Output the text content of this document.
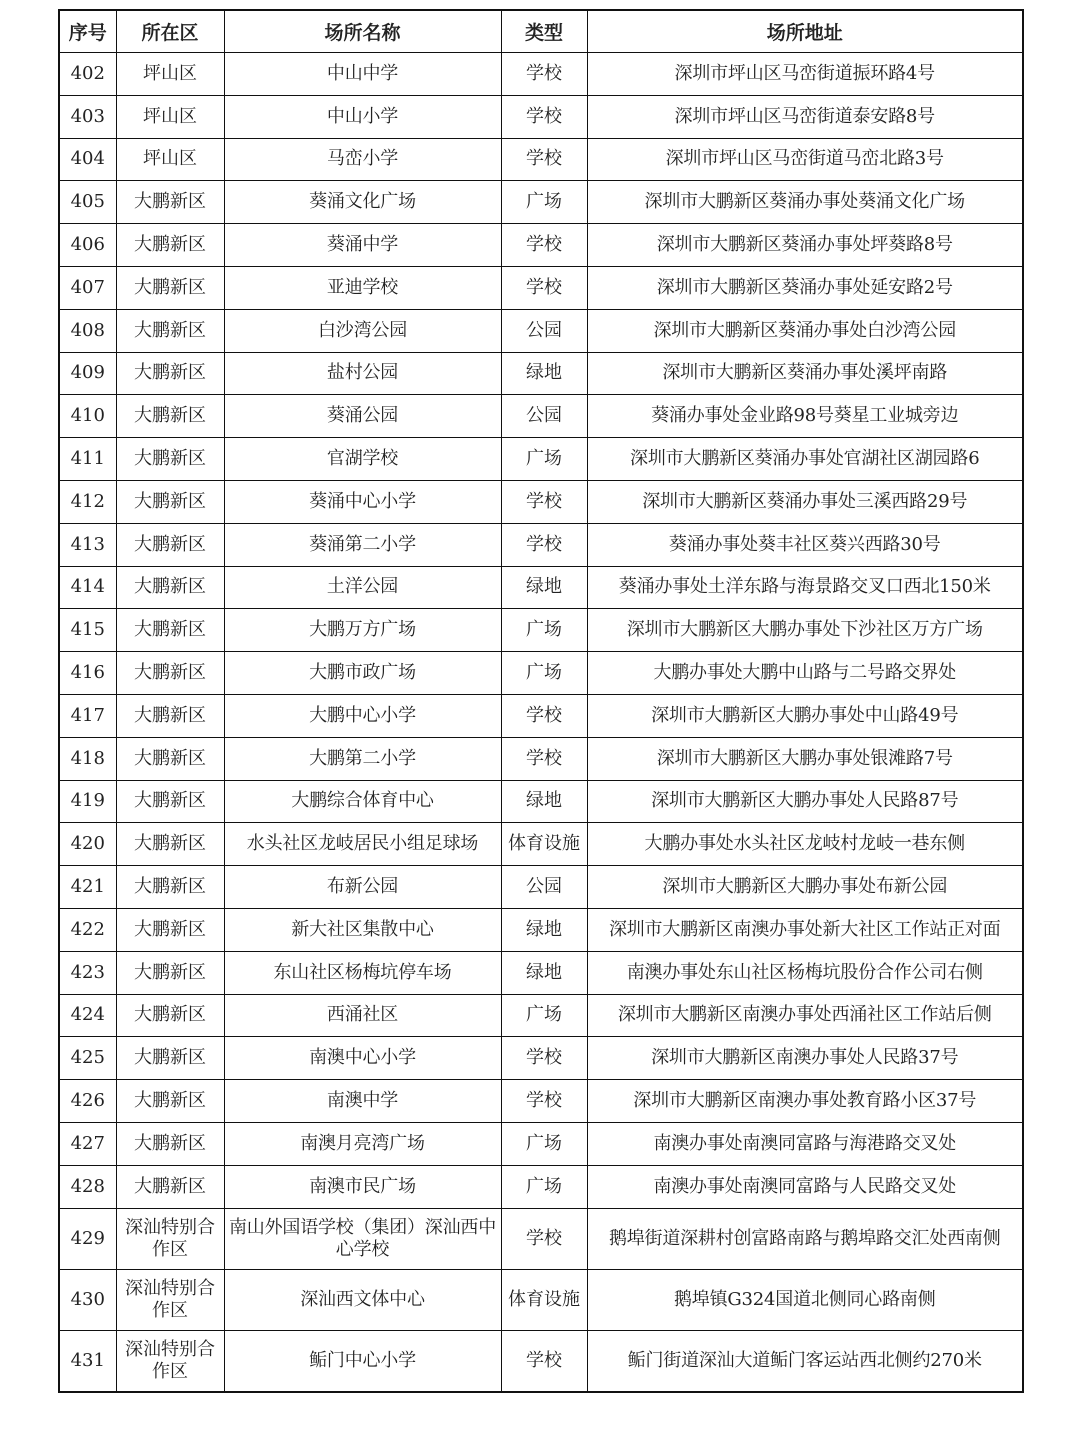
序号	所在区	场所名称	类型	场所地址
402	坪山区	中山中学	学校	深圳市坪山区马峦街道振环路4号
403	坪山区	中山小学	学校	深圳市坪山区马峦街道泰安路8号
404	坪山区	马峦小学	学校	深圳市坪山区马峦街道马峦北路3号
405	大鹏新区	葵涌文化广场	广场	深圳市大鹏新区葵涌办事处葵涌文化广场
406	大鹏新区	葵涌中学	学校	深圳市大鹏新区葵涌办事处坪葵路8号
407	大鹏新区	亚迪学校	学校	深圳市大鹏新区葵涌办事处延安路2号
408	大鹏新区	白沙湾公园	公园	深圳市大鹏新区葵涌办事处白沙湾公园
409	大鹏新区	盐村公园	绿地	深圳市大鹏新区葵涌办事处溪坪南路
410	大鹏新区	葵涌公园	公园	葵涌办事处金业路98号葵星工业城旁边
411	大鹏新区	官湖学校	广场	深圳市大鹏新区葵涌办事处官湖社区湖园路6
412	大鹏新区	葵涌中心小学	学校	深圳市大鹏新区葵涌办事处三溪西路29号
413	大鹏新区	葵涌第二小学	学校	葵涌办事处葵丰社区葵兴西路30号
414	大鹏新区	土洋公园	绿地	葵涌办事处土洋东路与海景路交叉口西北150米
415	大鹏新区	大鹏万方广场	广场	深圳市大鹏新区大鹏办事处下沙社区万方广场
416	大鹏新区	大鹏市政广场	广场	大鹏办事处大鹏中山路与二号路交界处
417	大鹏新区	大鹏中心小学	学校	深圳市大鹏新区大鹏办事处中山路49号
418	大鹏新区	大鹏第二小学	学校	深圳市大鹏新区大鹏办事处银滩路7号
419	大鹏新区	大鹏综合体育中心	绿地	深圳市大鹏新区大鹏办事处人民路87号
420	大鹏新区	水头社区龙岐居民小组足球场	体育设施	大鹏办事处水头社区龙岐村龙岐一巷东侧
421	大鹏新区	布新公园	公园	深圳市大鹏新区大鹏办事处布新公园
422	大鹏新区	新大社区集散中心	绿地	深圳市大鹏新区南澳办事处新大社区工作站正对面
423	大鹏新区	东山社区杨梅坑停车场	绿地	南澳办事处东山社区杨梅坑股份合作公司右侧
424	大鹏新区	西涌社区	广场	深圳市大鹏新区南澳办事处西涌社区工作站后侧
425	大鹏新区	南澳中心小学	学校	深圳市大鹏新区南澳办事处人民路37号
426	大鹏新区	南澳中学	学校	深圳市大鹏新区南澳办事处教育路小区37号
427	大鹏新区	南澳月亮湾广场	广场	南澳办事处南澳同富路与海港路交叉处
428	大鹏新区	南澳市民广场	广场	南澳办事处南澳同富路与人民路交叉处
429	深汕特别合作区	南山外国语学校（集团）深汕西中心学校	学校	鹅埠街道深耕村创富路南路与鹅埠路交汇处西南侧
430	深汕特别合作区	深汕西文体中心	体育设施	鹅埠镇G324国道北侧同心路南侧
431	深汕特别合作区	鲘门中心小学	学校	鲘门街道深汕大道鲘门客运站西北侧约270米
